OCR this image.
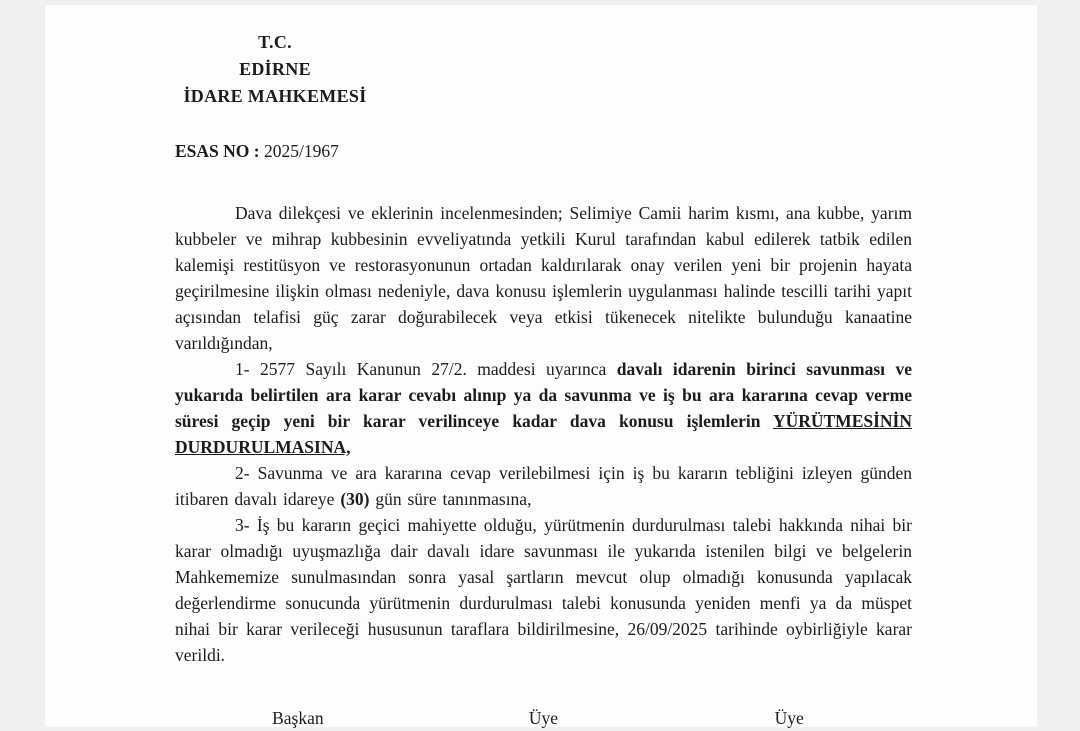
T.C.
EDİRNE
İDARE MAHKEMESİ
ESAS NO : 2025/1967

Dava dilekçesi ve eklerinin incelenmesinden; Selimiye Camii harim kısmı, ana kubbe, yarım kubbeler ve mihrap kubbesinin evveliyatında yetkili Kurul tarafından kabul edilerek tatbik edilen kalemişi restitüsyon ve restorasyonunun ortadan kaldırılarak onay verilen yeni bir projenin hayata geçirilmesine ilişkin olması nedeniyle, dava konusu işlemlerin uygulanması halinde tescilli tarihi yapıt açısından telafisi güç zarar doğurabilecek veya etkisi tükenecek nitelikte bulunduğu kanaatine varıldığından,

1- 2577 Sayılı Kanunun 27/2. maddesi uyarınca davalı idarenin birinci savunması ve yukarıda belirtilen ara karar cevabı alınıp ya da savunma ve iş bu ara kararına cevap verme süresi geçip yeni bir karar verilinceye kadar dava konusu işlemlerin YÜRÜTMESİNİN DURDURULMASINA,

2- Savunma ve ara kararına cevap verilebilmesi için iş bu kararın tebliğini izleyen günden itibaren davalı idareye (30) gün süre tanınmasına,

3- İş bu kararın geçici mahiyette olduğu, yürütmenin durdurulması talebi hakkında nihai bir karar olmadığı uyuşmazlığa dair davalı idare savunması ile yukarıda istenilen bilgi ve belgelerin Mahkememize sunulmasından sonra yasal şartların mevcut olup olmadığı konusunda yapılacak değerlendirme sonucunda yürütmenin durdurulması talebi konusunda yeniden menfi ya da müspet nihai bir karar verileceği hususunun taraflara bildirilmesine, 26/09/2025 tarihinde oybirliğiyle karar verildi.

Başkan	Üye	Üye
